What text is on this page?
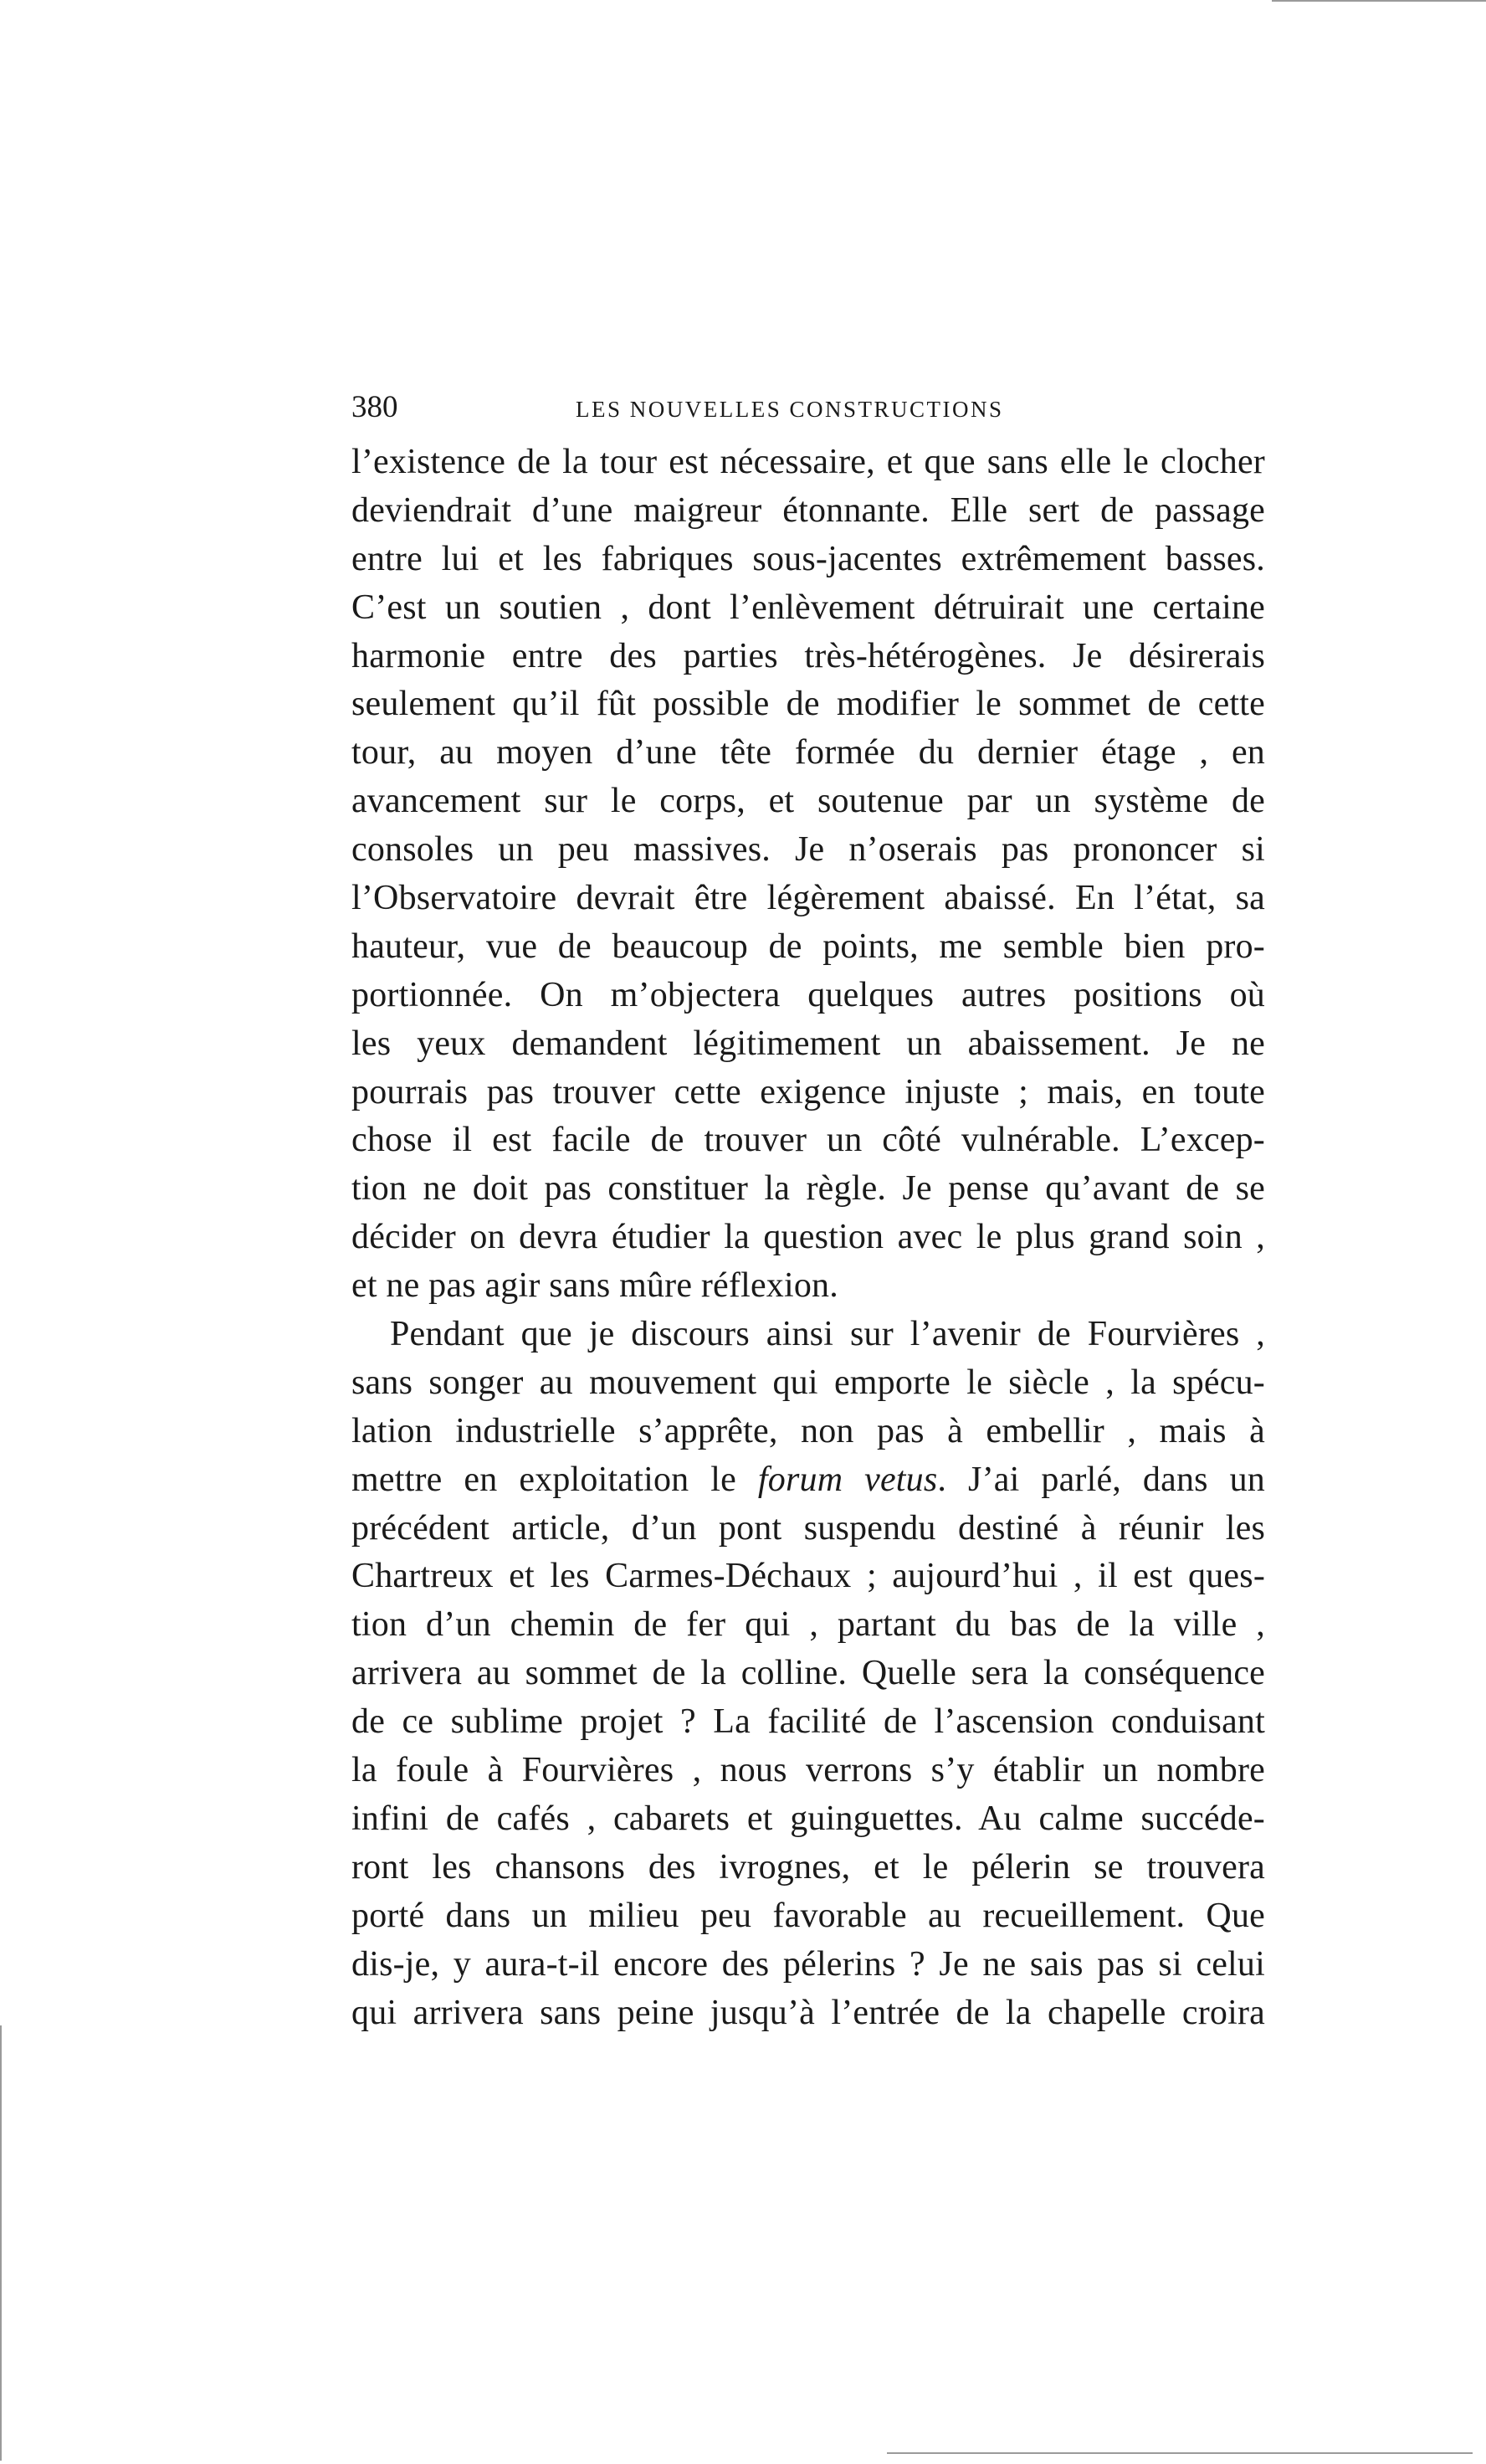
380	LES NOUVELLES CONSTRUCTIONS
l’existence de la tour est nécessaire, et que sans elle le clocher
deviendrait d’une maigreur étonnante. Elle sert de passage
entre lui et les fabriques sous-jacentes extrêmement basses.
C’est un soutien , dont l’enlèvement détruirait une certaine
harmonie entre des parties très-hétérogènes. Je désirerais
seulement qu’il fût possible de modifier le sommet de cette
tour, au moyen d’une tête formée du dernier étage , en
avancement sur le corps, et soutenue par un système de
consoles un peu massives. Je n’oserais pas prononcer si
l’Observatoire devrait être légèrement abaissé. En l’état, sa
hauteur, vue de beaucoup de points, me semble bien pro-
portionnée. On m’objectera quelques autres positions où
les yeux demandent légitimement un abaissement. Je ne
pourrais pas trouver cette exigence injuste ; mais, en toute
chose il est facile de trouver un côté vulnérable. L’excep-
tion ne doit pas constituer la règle. Je pense qu’avant de se
décider on devra étudier la question avec le plus grand soin ,
et ne pas agir sans mûre réflexion.
Pendant que je discours ainsi sur l’avenir de Fourvières ,
sans songer au mouvement qui emporte le siècle , la spécu-
lation industrielle s’apprête, non pas à embellir , mais à
mettre en exploitation le forum vetus. J’ai parlé, dans un
précédent article, d’un pont suspendu destiné à réunir les
Chartreux et les Carmes-Déchaux ; aujourd’hui , il est ques-
tion d’un chemin de fer qui , partant du bas de la ville ,
arrivera au sommet de la colline. Quelle sera la conséquence
de ce sublime projet ? La facilité de l’ascension conduisant
la foule à Fourvières , nous verrons s’y établir un nombre
infini de cafés , cabarets et guinguettes. Au calme succéde-
ront les chansons des ivrognes, et le pélerin se trouvera
porté dans un milieu peu favorable au recueillement. Que
dis-je, y aura-t-il encore des pélerins ? Je ne sais pas si celui
qui arrivera sans peine jusqu’à l’entrée de la chapelle croira
